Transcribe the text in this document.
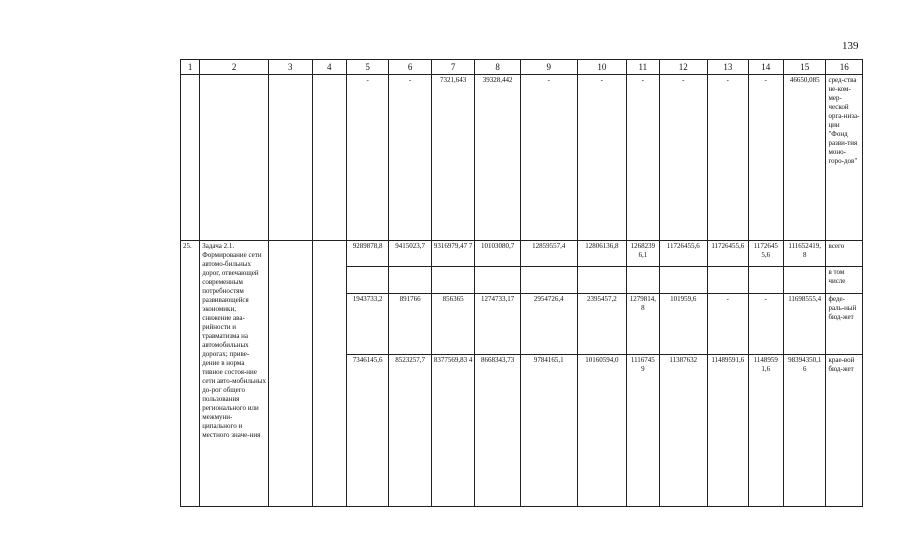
139
1	2	3	4	5	6	7	8	9	10	11	12	13	14	15	16
				-	-	7321,643	39328,442	-	-	-	-	-	-	46650,085	сред-ства не-ком-мер-ческой орга-низа-ции "Фонд разви-тия моно-горо-дов"
25.	Задача 2.1. Формирование сети автомо-бильных дорог, отвечающей современным потребностям развивающейся экономики, снижение ава-рийности и травматизма на автомобильных дорогах; приве-дение в норма тивное состоя-ние сети авто-мобильных до-рог общего пользования регионального или межмуни-ципального и местного значе-ния			9289878,8	9415023,7	9316979,47 7	10103080,7	12859557,4	12806136,8	1268239 6,1	11726455,6	11726455,6	1172645 5,6	111652419, 8	всего
															в том числе
				1943733,2	891766	856365	1274733,17	2954726,4	2395457,2	1279814, 8	101959,6	-	-	11698555,4	феде-раль-ный бюд-жет
				7346145,6	8523257,7	8377569,83 4	8668343,73	9784165,1	10160594,0	1116745 9	11387632	11489591,6	1148959 1,6	98394350,1 6	крае-вой бюд-жет
